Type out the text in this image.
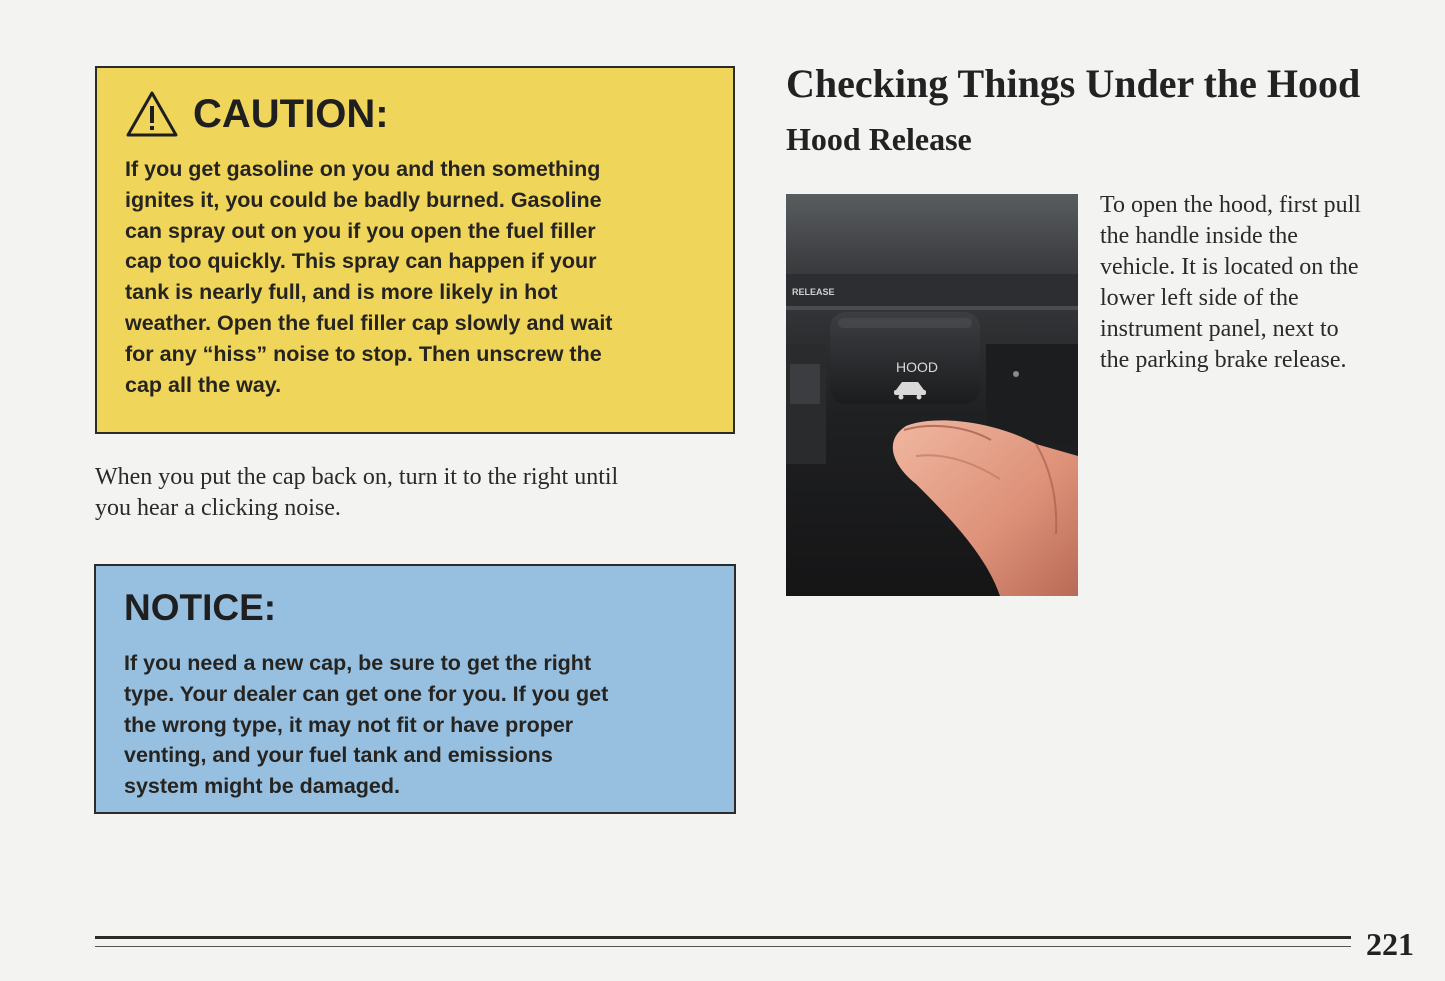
CAUTION:

If you get gasoline on you and then something
ignites it, you could be badly burned. Gasoline
can spray out on you if you open the fuel filler
cap too quickly. This spray can happen if your
tank is nearly full, and is more likely in hot
weather. Open the fuel filler cap slowly and wait
for any “hiss” noise to stop. Then unscrew the
cap all the way.

When you put the cap back on, turn it to the right until
you hear a clicking noise.

NOTICE:

If you need a new cap, be sure to get the right
type. Your dealer can get one for you. If you get
the wrong type, it may not fit or have proper
venting, and your fuel tank and emissions
system might be damaged.

Checking Things Under the Hood
Hood Release
RELEASE
HOOD

To open the hood, first pull
the handle inside the
vehicle. It is located on the
lower left side of the
instrument panel, next to
the parking brake release.

221
